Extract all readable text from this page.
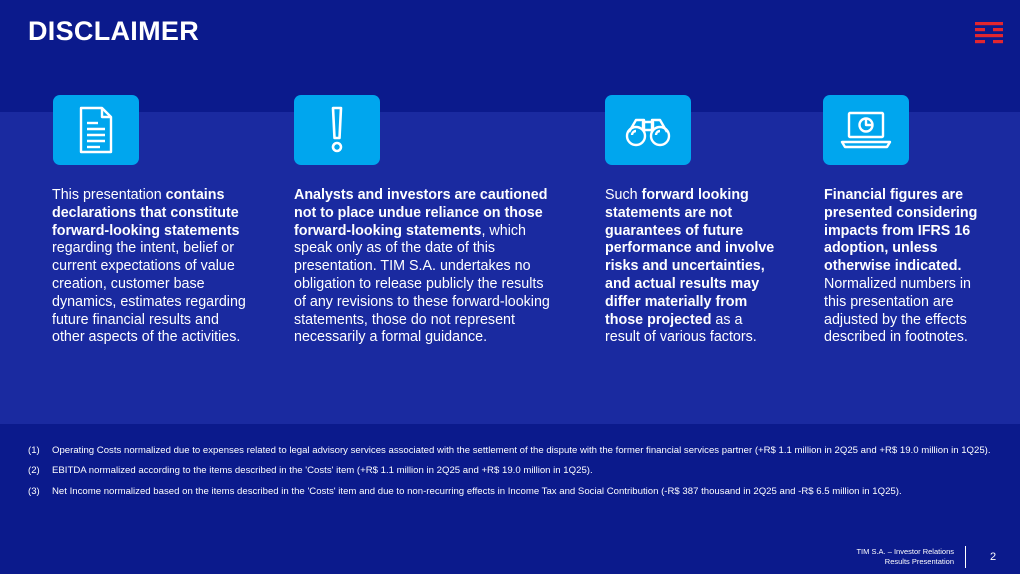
DISCLAIMER
This presentation contains declarations that constitute forward-looking statements regarding the intent, belief or current expectations of value creation, customer base dynamics, estimates regarding future financial results and other aspects of the activities.
Analysts and investors are cautioned not to place undue reliance on those forward-looking statements, which speak only as of the date of this presentation. TIM S.A. undertakes no obligation to release publicly the results of any revisions to these forward-looking statements, those do not represent necessarily a formal guidance.
Such forward looking statements are not guarantees of future performance and involve risks and uncertainties, and actual results may differ materially from those projected as a result of various factors.
Financial figures are presented considering impacts from IFRS 16 adoption, unless otherwise indicated. Normalized numbers in this presentation are adjusted by the effects described in footnotes.
(1)	Operating Costs normalized due to expenses related to legal advisory services associated with the settlement of the dispute with the former financial services partner (+R$ 1.1 million in 2Q25 and +R$ 19.0 million in 1Q25).
(2)	EBITDA normalized according to the items described in the 'Costs' item (+R$ 1.1 million in 2Q25 and +R$ 19.0 million in 1Q25).
(3)	Net Income normalized based on the items described in the 'Costs' item and due to non-recurring effects in Income Tax and Social Contribution (-R$ 387 thousand in 2Q25 and -R$ 6.5 million in 1Q25).
TIM S.A. – Investor Relations
Results Presentation	2
